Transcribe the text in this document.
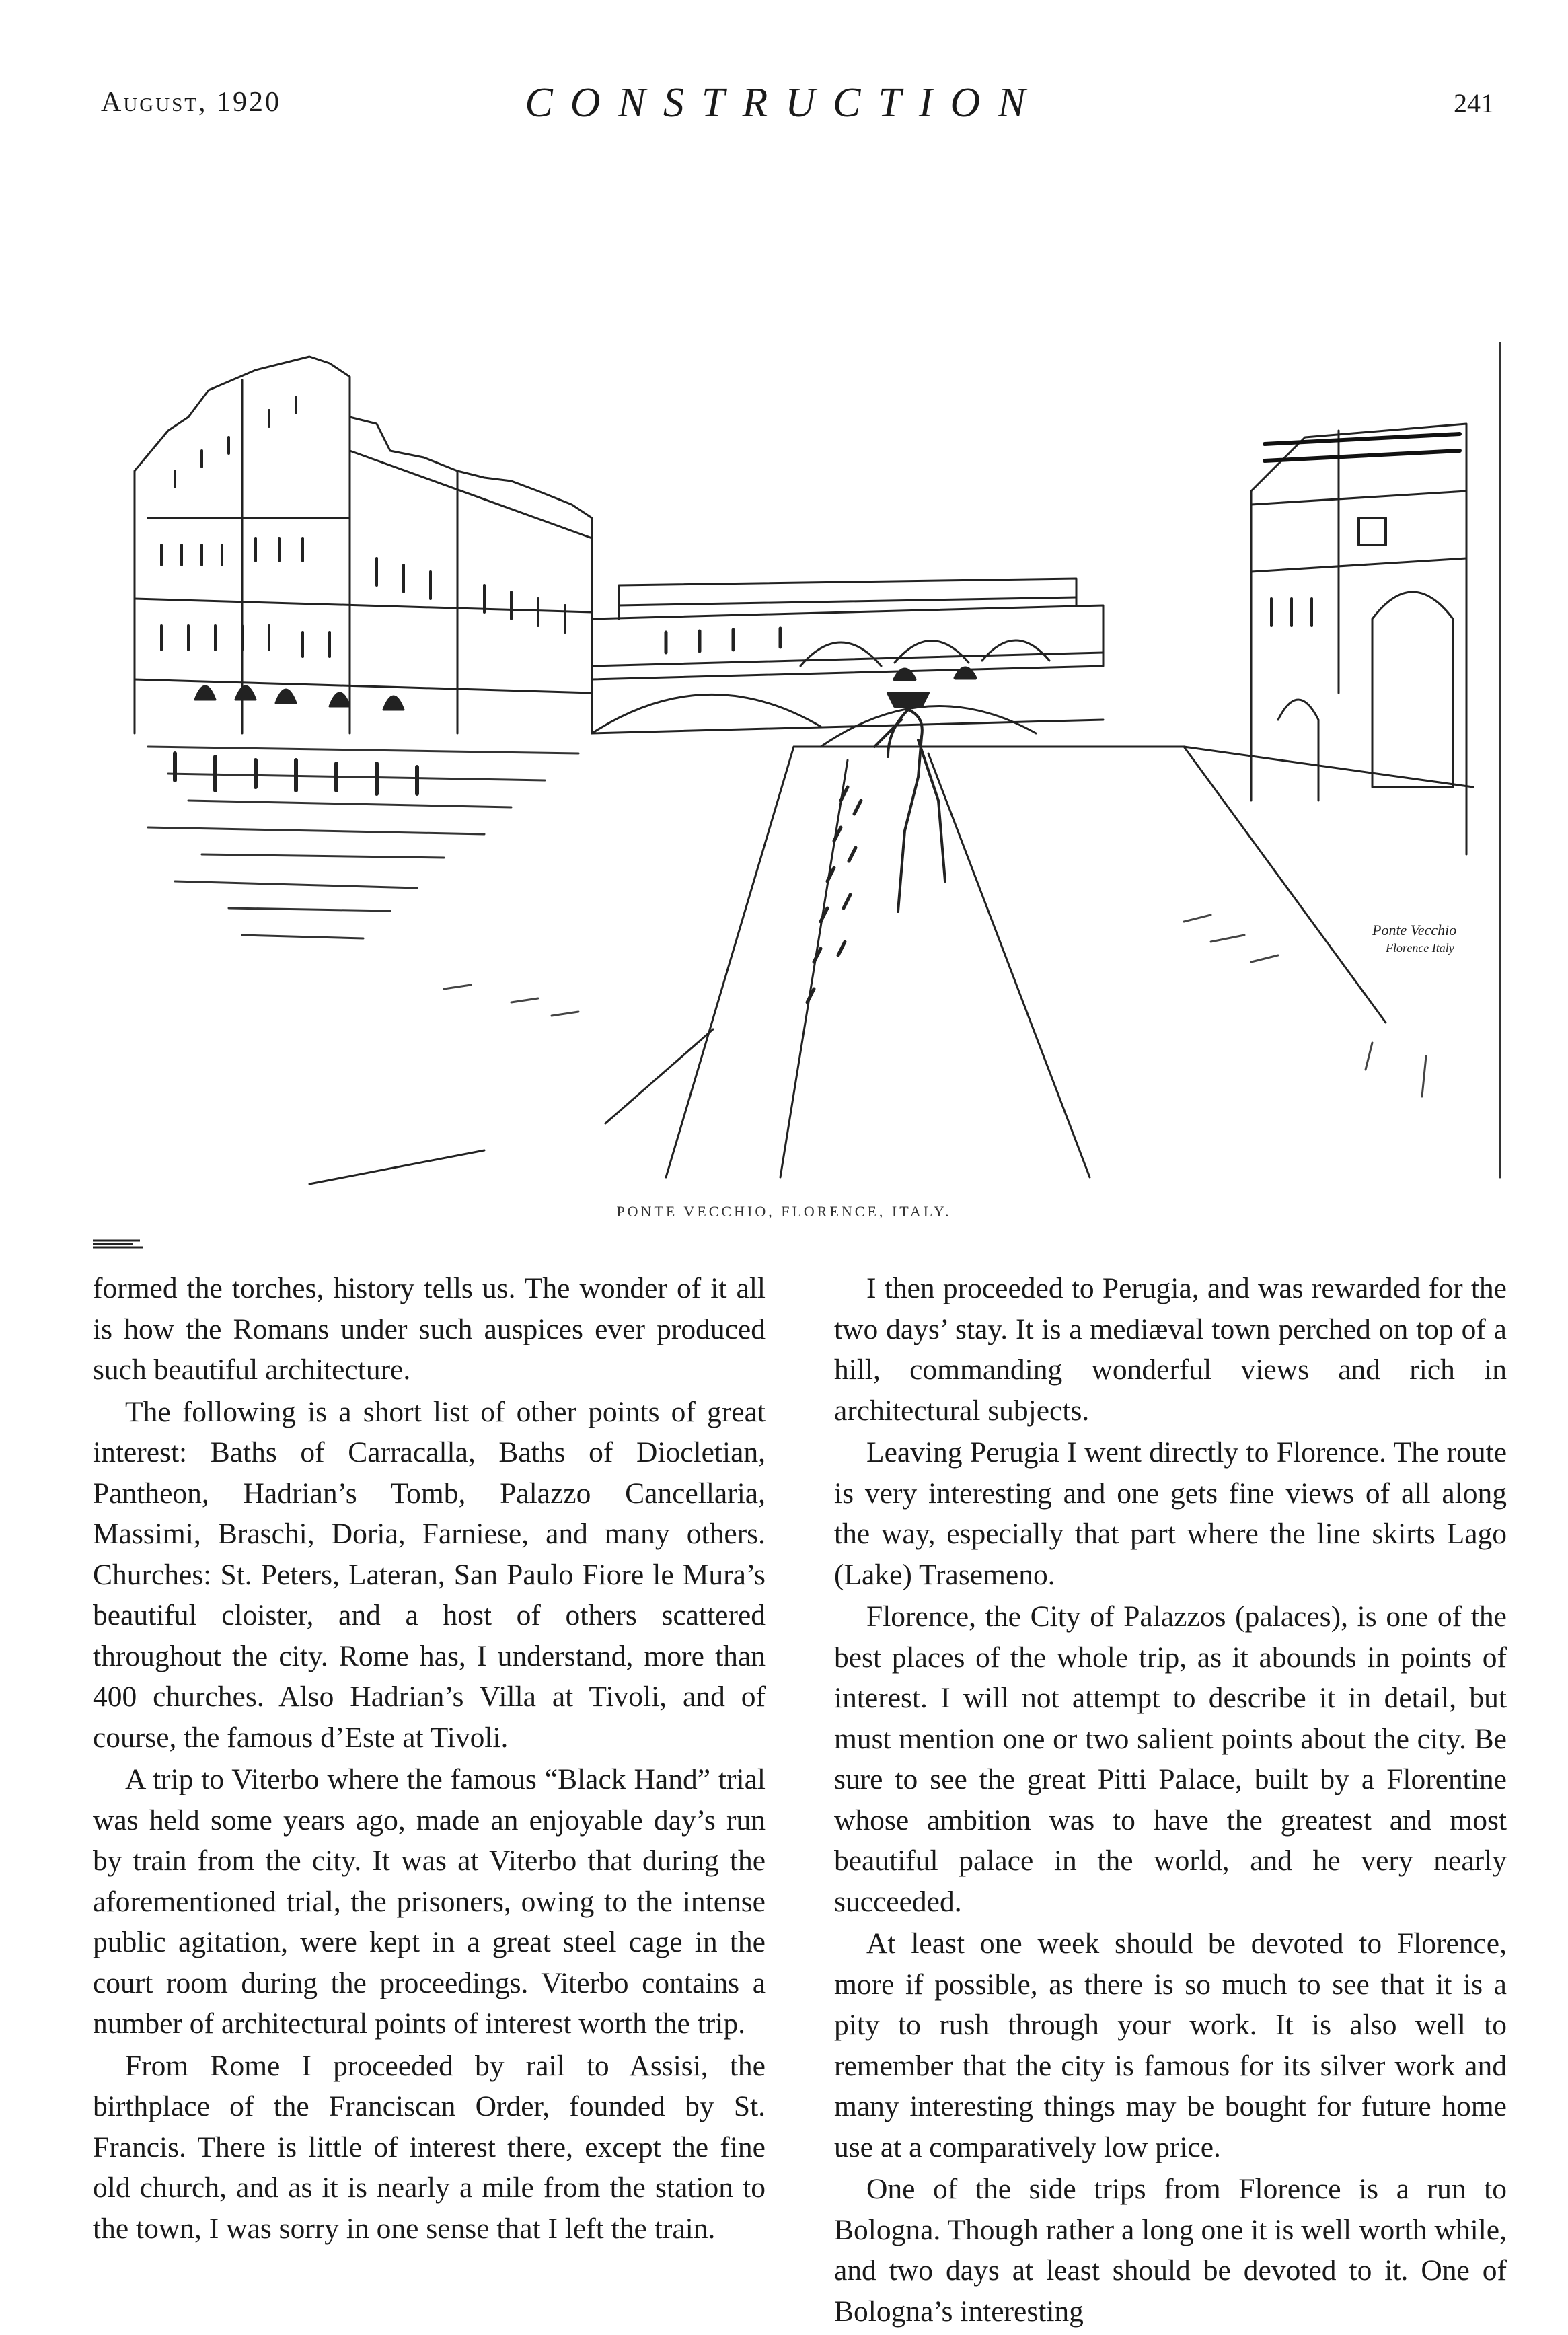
August, 1920	CONSTRUCTION	241
Ponte Vecchio
Florence Italy
PONTE VECCHIO, FLORENCE, ITALY.

formed the torches, history tells us. The wonder of it all is how the Romans under such auspices ever produced such beautiful architecture.

The following is a short list of other points of great interest: Baths of Carracalla, Baths of Diocletian, Pantheon, Hadrian’s Tomb, Palazzo Cancellaria, Massimi, Braschi, Doria, Farniese, and many others. Churches: St. Peters, Lateran, San Paulo Fiore le Mura’s beautiful cloister, and a host of others scattered throughout the city. Rome has, I understand, more than 400 churches. Also Hadrian’s Villa at Tivoli, and of course, the famous d’Este at Tivoli.

A trip to Viterbo where the famous “Black Hand” trial was held some years ago, made an enjoyable day’s run by train from the city. It was at Viterbo that during the aforementioned trial, the prisoners, owing to the intense public agitation, were kept in a great steel cage in the court room during the proceedings. Viterbo contains a number of architectural points of interest worth the trip.

From Rome I proceeded by rail to Assisi, the birthplace of the Franciscan Order, founded by St. Francis. There is little of interest there, except the fine old church, and as it is nearly a mile from the station to the town, I was sorry in one sense that I left the train.

I then proceeded to Perugia, and was rewarded for the two days’ stay. It is a mediæval town perched on top of a hill, commanding wonderful views and rich in architectural subjects.

Leaving Perugia I went directly to Florence. The route is very interesting and one gets fine views of all along the way, especially that part where the line skirts Lago (Lake) Trasemeno.

Florence, the City of Palazzos (palaces), is one of the best places of the whole trip, as it abounds in points of interest. I will not attempt to describe it in detail, but must mention one or two salient points about the city. Be sure to see the great Pitti Palace, built by a Florentine whose ambition was to have the greatest and most beautiful palace in the world, and he very nearly succeeded.

At least one week should be devoted to Florence, more if possible, as there is so much to see that it is a pity to rush through your work. It is also well to remember that the city is famous for its silver work and many interesting things may be bought for future home use at a comparatively low price.

One of the side trips from Florence is a run to Bologna. Though rather a long one it is well worth while, and two days at least should be devoted to it. One of Bologna’s interesting
